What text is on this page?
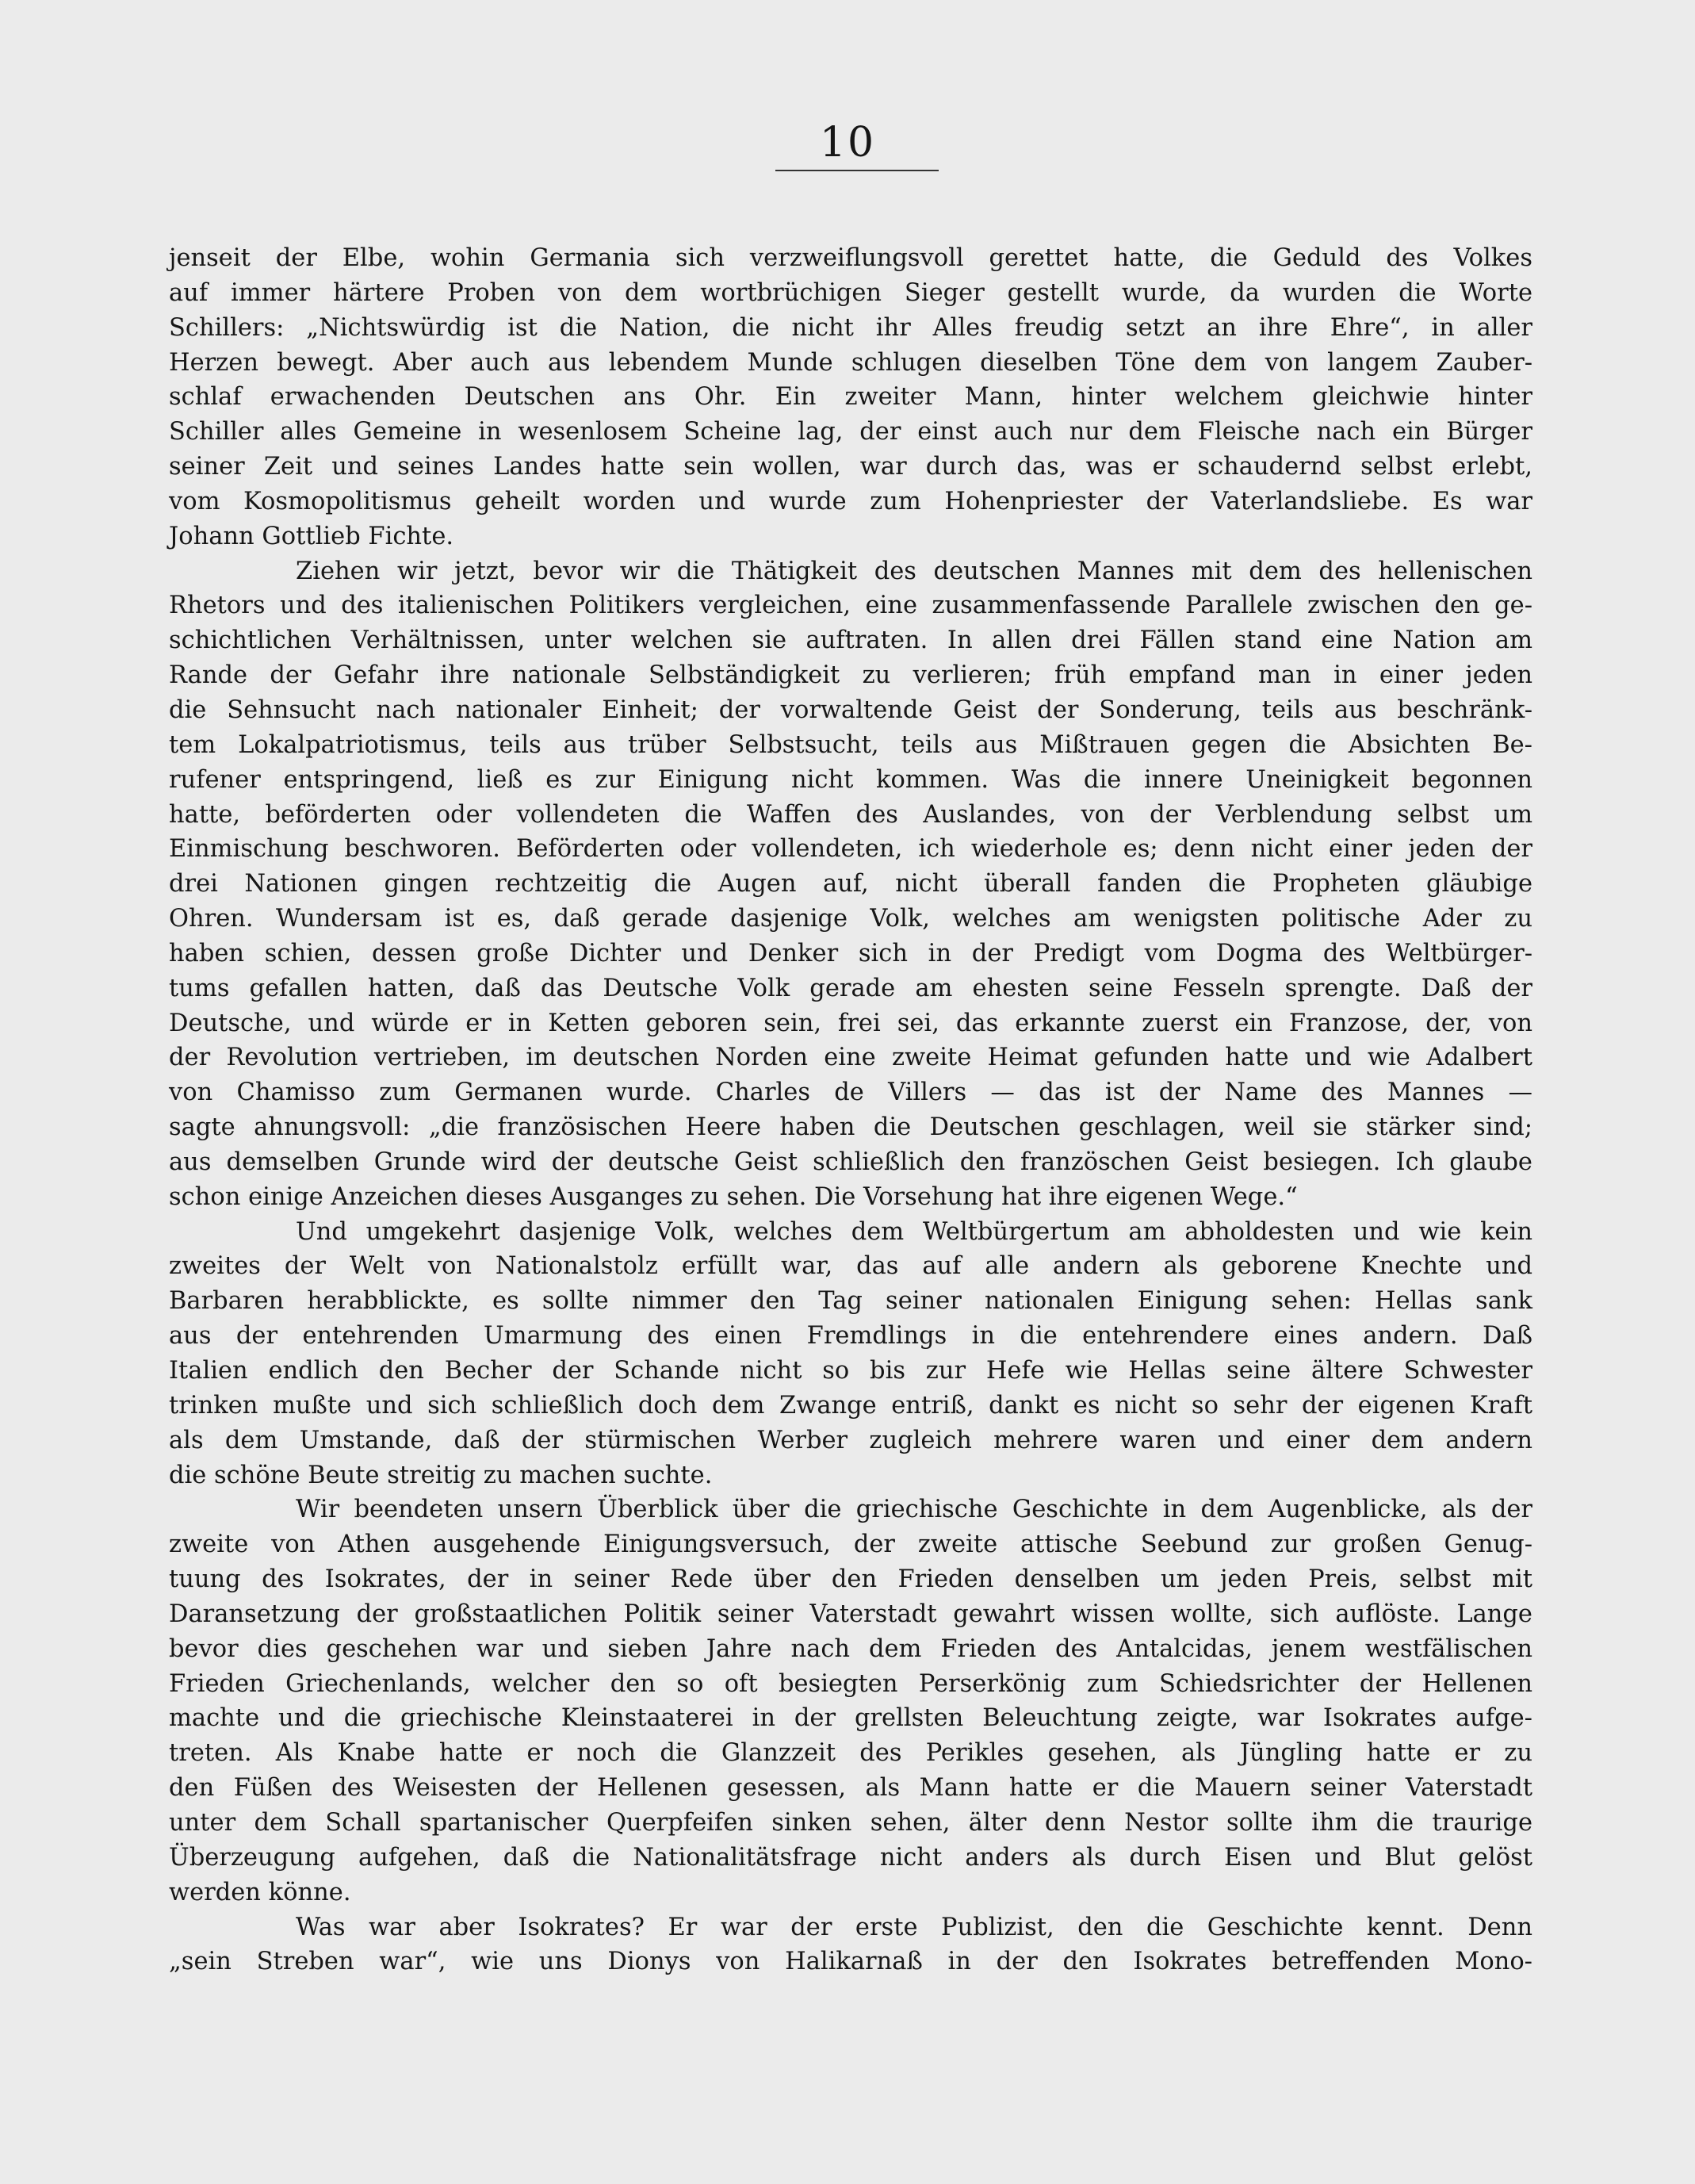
10
jenseit der Elbe, wohin Germania sich verzweiflungsvoll gerettet hatte, die Geduld des Volkes
auf immer härtere Proben von dem wortbrüchigen Sieger gestellt wurde, da wurden die Worte
Schillers: „Nichtswürdig ist die Nation, die nicht ihr Alles freudig setzt an ihre Ehre“, in aller
Herzen bewegt. Aber auch aus lebendem Munde schlugen dieselben Töne dem von langem Zauber-
schlaf erwachenden Deutschen ans Ohr. Ein zweiter Mann, hinter welchem gleichwie hinter
Schiller alles Gemeine in wesenlosem Scheine lag, der einst auch nur dem Fleische nach ein Bürger
seiner Zeit und seines Landes hatte sein wollen, war durch das, was er schaudernd selbst erlebt,
vom Kosmopolitismus geheilt worden und wurde zum Hohenpriester der Vaterlandsliebe. Es war
Johann Gottlieb Fichte.
Ziehen wir jetzt, bevor wir die Thätigkeit des deutschen Mannes mit dem des hellenischen
Rhetors und des italienischen Politikers vergleichen, eine zusammenfassende Parallele zwischen den ge-
schichtlichen Verhältnissen, unter welchen sie auftraten. In allen drei Fällen stand eine Nation am
Rande der Gefahr ihre nationale Selbständigkeit zu verlieren; früh empfand man in einer jeden
die Sehnsucht nach nationaler Einheit; der vorwaltende Geist der Sonderung, teils aus beschränk-
tem Lokalpatriotismus, teils aus trüber Selbstsucht, teils aus Mißtrauen gegen die Absichten Be-
rufener entspringend, ließ es zur Einigung nicht kommen. Was die innere Uneinigkeit begonnen
hatte, beförderten oder vollendeten die Waffen des Auslandes, von der Verblendung selbst um
Einmischung beschworen. Beförderten oder vollendeten, ich wiederhole es; denn nicht einer jeden der
drei Nationen gingen rechtzeitig die Augen auf, nicht überall fanden die Propheten gläubige
Ohren. Wundersam ist es, daß gerade dasjenige Volk, welches am wenigsten politische Ader zu
haben schien, dessen große Dichter und Denker sich in der Predigt vom Dogma des Weltbürger-
tums gefallen hatten, daß das Deutsche Volk gerade am ehesten seine Fesseln sprengte. Daß der
Deutsche, und würde er in Ketten geboren sein, frei sei, das erkannte zuerst ein Franzose, der, von
der Revolution vertrieben, im deutschen Norden eine zweite Heimat gefunden hatte und wie Adalbert
von Chamisso zum Germanen wurde. Charles de Villers — das ist der Name des Mannes —
sagte ahnungsvoll: „die französischen Heere haben die Deutschen geschlagen, weil sie stärker sind;
aus demselben Grunde wird der deutsche Geist schließlich den französchen Geist besiegen. Ich glaube
schon einige Anzeichen dieses Ausganges zu sehen. Die Vorsehung hat ihre eigenen Wege.“
Und umgekehrt dasjenige Volk, welches dem Weltbürgertum am abholdesten und wie kein
zweites der Welt von Nationalstolz erfüllt war, das auf alle andern als geborene Knechte und
Barbaren herabblickte, es sollte nimmer den Tag seiner nationalen Einigung sehen: Hellas sank
aus der entehrenden Umarmung des einen Fremdlings in die entehrendere eines andern. Daß
Italien endlich den Becher der Schande nicht so bis zur Hefe wie Hellas seine ältere Schwester
trinken mußte und sich schließlich doch dem Zwange entriß, dankt es nicht so sehr der eigenen Kraft
als dem Umstande, daß der stürmischen Werber zugleich mehrere waren und einer dem andern
die schöne Beute streitig zu machen suchte.
Wir beendeten unsern Überblick über die griechische Geschichte in dem Augenblicke, als der
zweite von Athen ausgehende Einigungsversuch, der zweite attische Seebund zur großen Genug-
tuung des Isokrates, der in seiner Rede über den Frieden denselben um jeden Preis, selbst mit
Daransetzung der großstaatlichen Politik seiner Vaterstadt gewahrt wissen wollte, sich auflöste. Lange
bevor dies geschehen war und sieben Jahre nach dem Frieden des Antalcidas, jenem westfälischen
Frieden Griechenlands, welcher den so oft besiegten Perserkönig zum Schiedsrichter der Hellenen
machte und die griechische Kleinstaaterei in der grellsten Beleuchtung zeigte, war Isokrates aufge-
treten. Als Knabe hatte er noch die Glanzzeit des Perikles gesehen, als Jüngling hatte er zu
den Füßen des Weisesten der Hellenen gesessen, als Mann hatte er die Mauern seiner Vaterstadt
unter dem Schall spartanischer Querpfeifen sinken sehen, älter denn Nestor sollte ihm die traurige
Überzeugung aufgehen, daß die Nationalitätsfrage nicht anders als durch Eisen und Blut gelöst
werden könne.
Was war aber Isokrates? Er war der erste Publizist, den die Geschichte kennt. Denn
„sein Streben war“, wie uns Dionys von Halikarnaß in der den Isokrates betreffenden Mono-
